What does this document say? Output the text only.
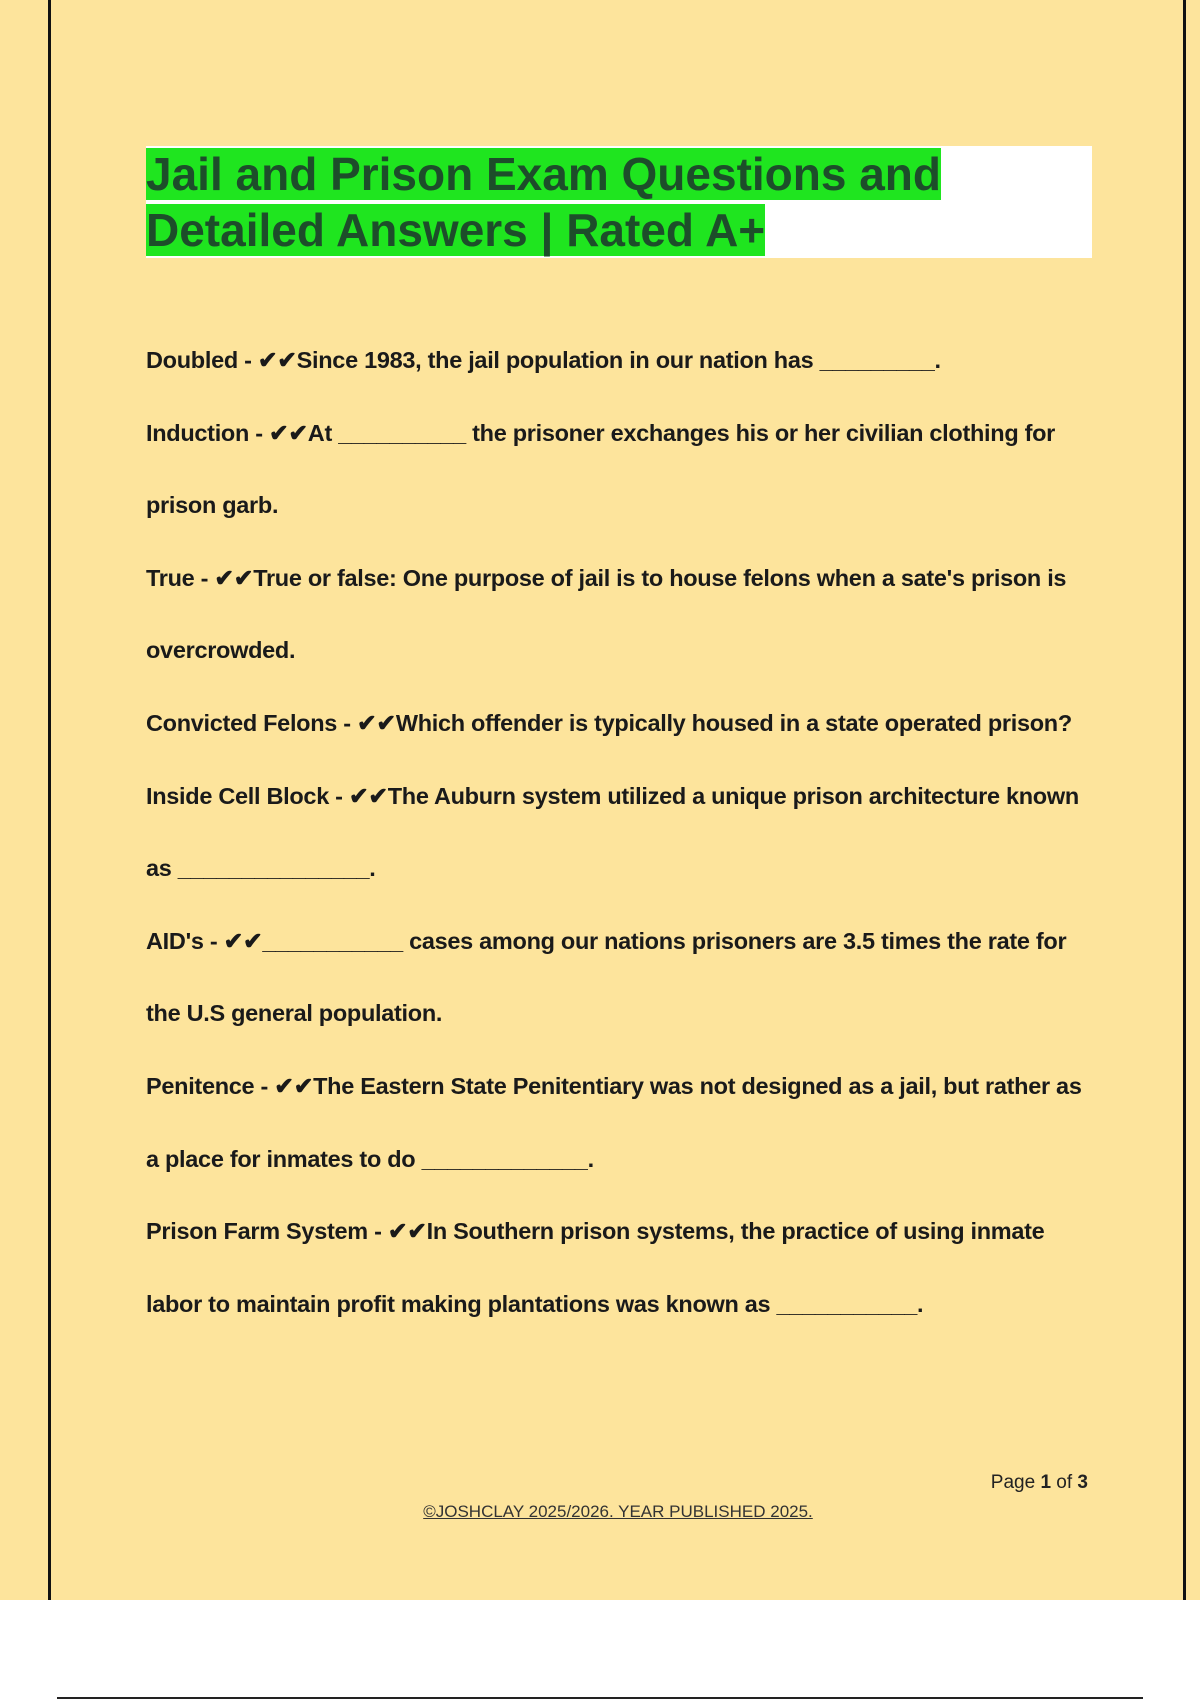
Jail and Prison Exam Questions and
Detailed Answers | Rated A+
Doubled - ✔✔Since 1983, the jail population in our nation has _________.
Induction - ✔✔At __________ the prisoner exchanges his or her civilian clothing for prison garb.
True - ✔✔True or false: One purpose of jail is to house felons when a sate's prison is overcrowded.
Convicted Felons - ✔✔Which offender is typically housed in a state operated prison?
Inside Cell Block - ✔✔The Auburn system utilized a unique prison architecture known as _______________.
AID's - ✔✔___________ cases among our nations prisoners are 3.5 times the rate for the U.S general population.
Penitence - ✔✔The Eastern State Penitentiary was not designed as a jail, but rather as a place for inmates to do _____________.
Prison Farm System - ✔✔In Southern prison systems, the practice of using inmate labor to maintain profit making plantations was known as ___________.
Page 1 of 3
©JOSHCLAY 2025/2026. YEAR PUBLISHED 2025.
